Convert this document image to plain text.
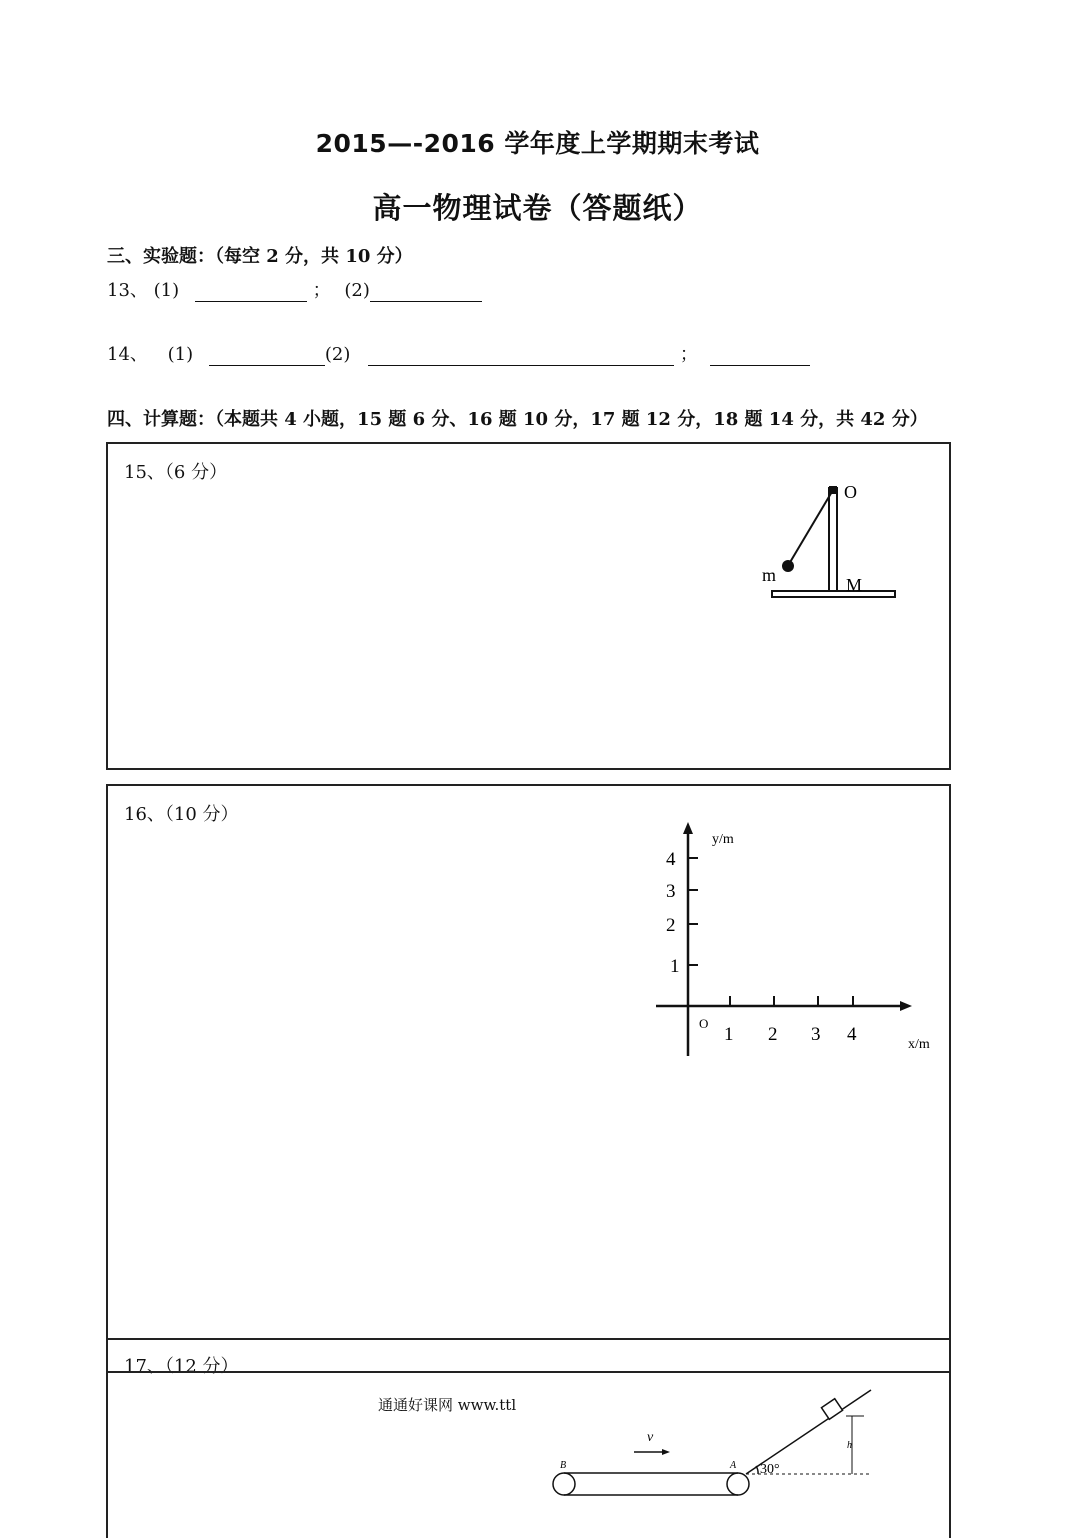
2015—-2016 学年度上学期期末考试
高一物理试卷（答题纸）
三、实验题：（每空 2 分，共 10 分）
13、 (1)	； (2)
14、 (1)	(2)	；
四、计算题：（本题共 4 小题，15 题 6 分、16 题 10 分，17 题 12 分，18 题 14 分，共 42 分）
15、（6 分）
O
m	M
16、（10 分）
y/m
x/m
O
4
3
2
1
1 2 3 4
17、（12 分）
通通好课网 www.ttl
v
B	A 30°
h
